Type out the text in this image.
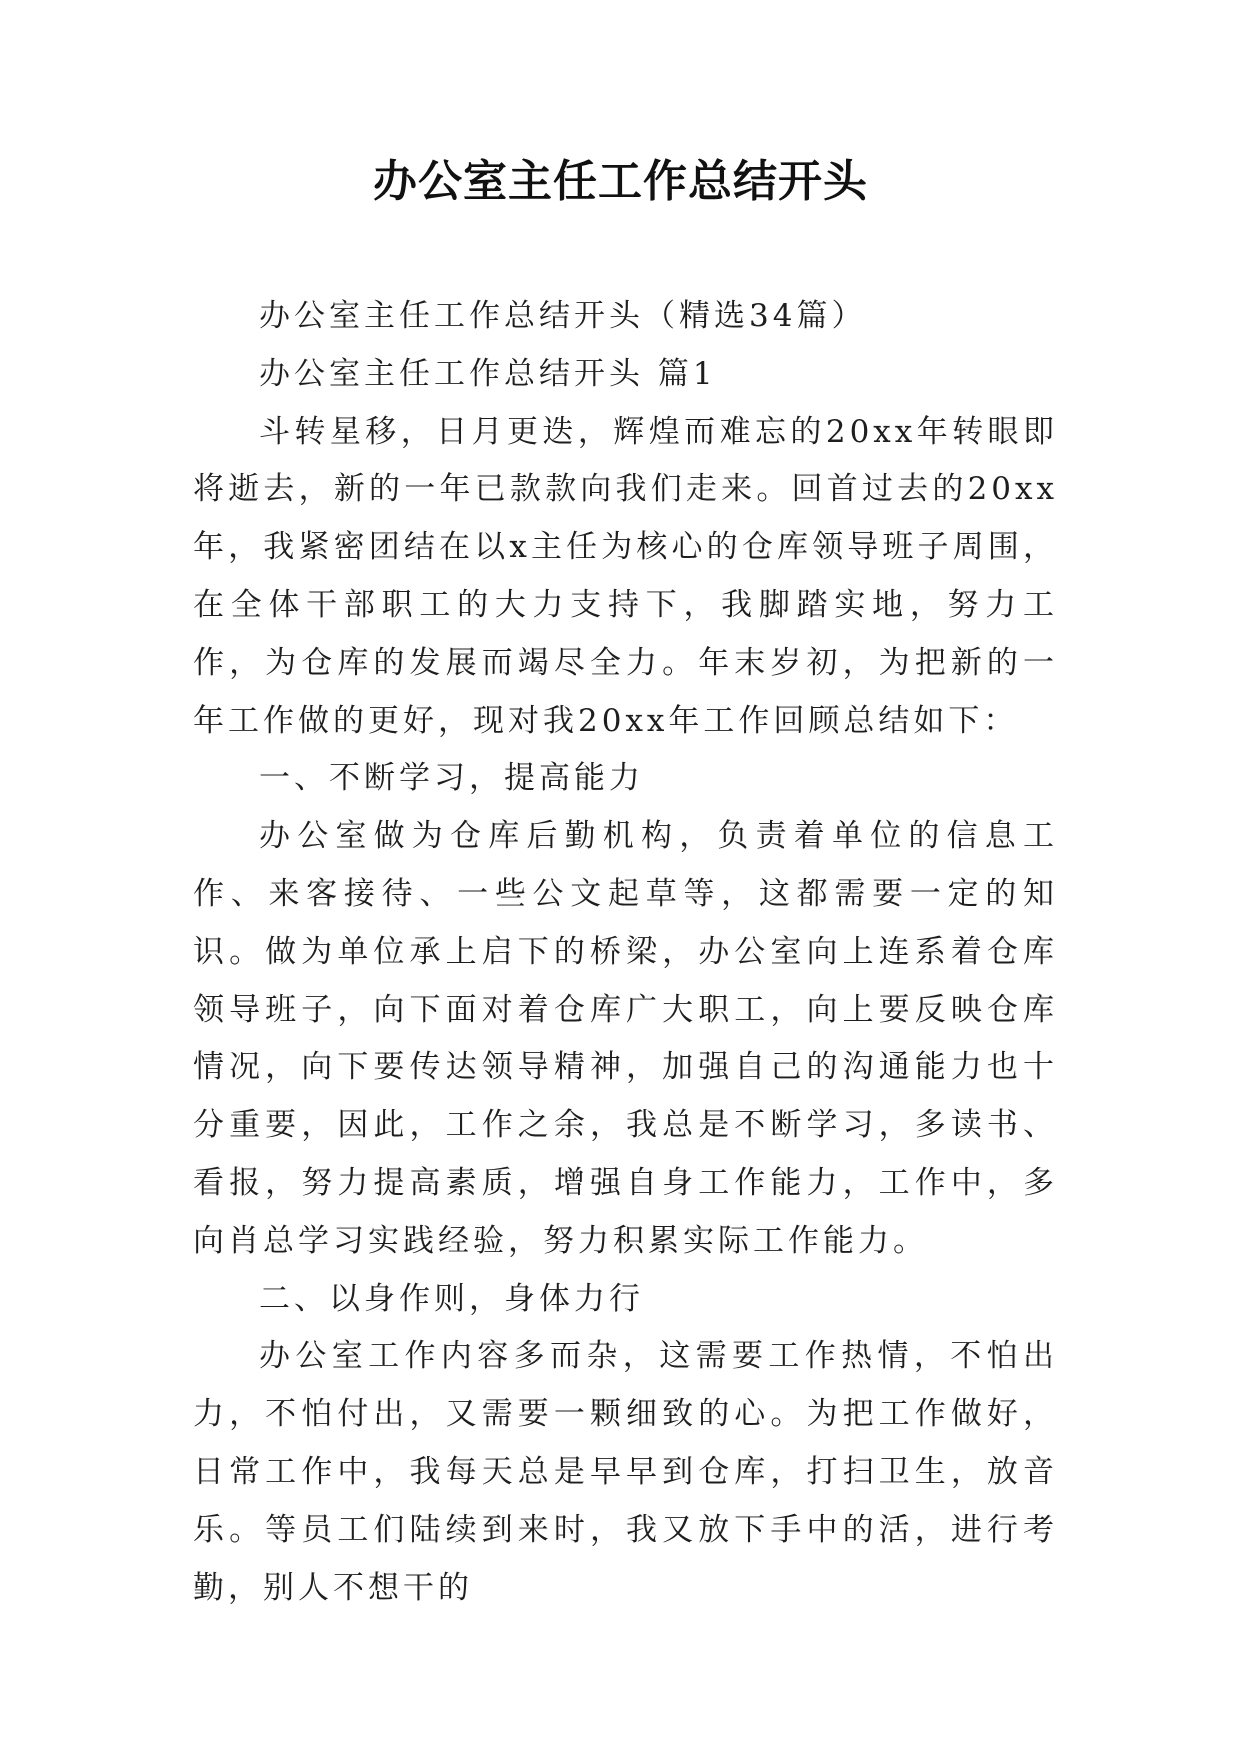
办公室主任工作总结开头

办公室主任工作总结开头（精选34篇）

办公室主任工作总结开头 篇1

斗转星移，日月更迭，辉煌而难忘的20xx年转眼即将逝去，新的一年已款款向我们走来。回首过去的20xx年，我紧密团结在以x主任为核心的仓库领导班子周围，在全体干部职工的大力支持下，我脚踏实地，努力工作，为仓库的发展而竭尽全力。年末岁初，为把新的一年工作做的更好，现对我20xx年工作回顾总结如下：

一、不断学习，提高能力

办公室做为仓库后勤机构，负责着单位的信息工作、来客接待、一些公文起草等，这都需要一定的知识。做为单位承上启下的桥梁，办公室向上连系着仓库领导班子，向下面对着仓库广大职工，向上要反映仓库情况，向下要传达领导精神，加强自己的沟通能力也十分重要，因此，工作之余，我总是不断学习，多读书、看报，努力提高素质，增强自身工作能力，工作中，多向肖总学习实践经验，努力积累实际工作能力。

二、以身作则，身体力行

办公室工作内容多而杂，这需要工作热情，不怕出力，不怕付出，又需要一颗细致的心。为把工作做好，日常工作中，我每天总是早早到仓库，打扫卫生，放音乐。等员工们陆续到来时，我又放下手中的活，进行考勤，别人不想干的
